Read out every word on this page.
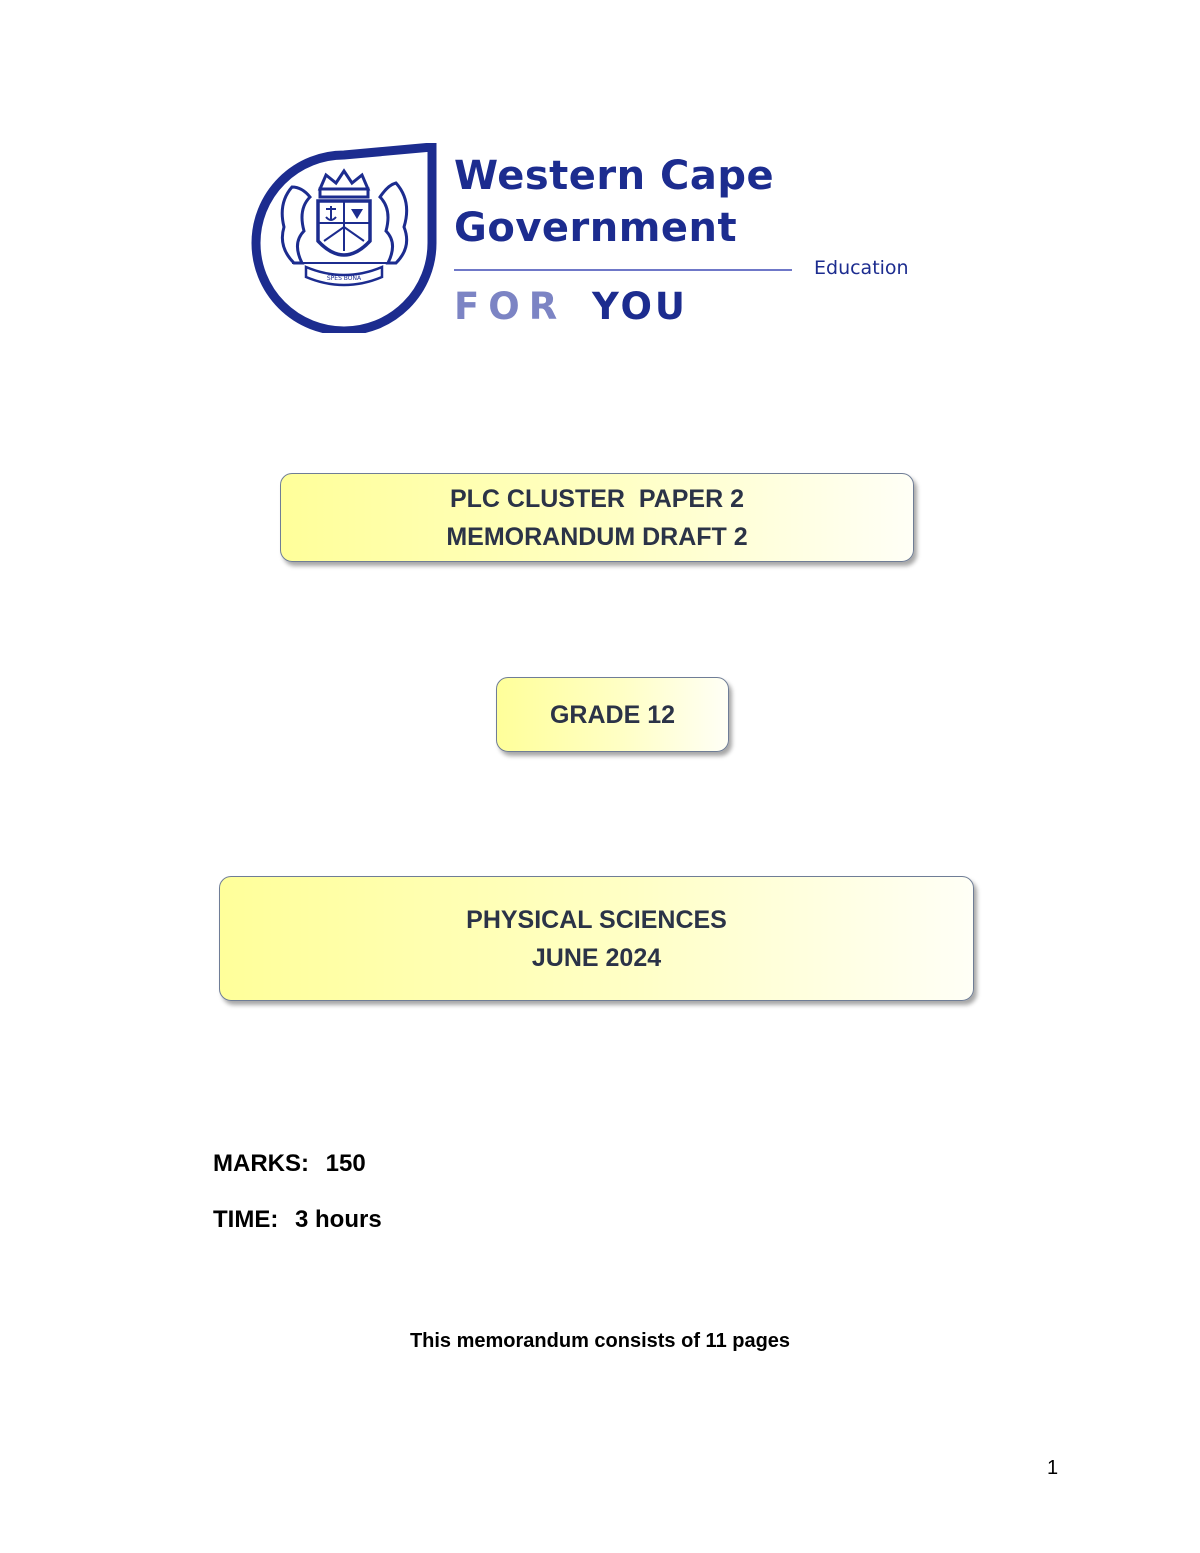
SPES BONA
Western Cape
Government
Education
FOR YOU
PLC CLUSTER  PAPER 2
MEMORANDUM DRAFT 2
GRADE 12
PHYSICAL SCIENCES
JUNE 2024
MARKS: 150
TIME: 3 hours
This memorandum consists of 11 pages
1
